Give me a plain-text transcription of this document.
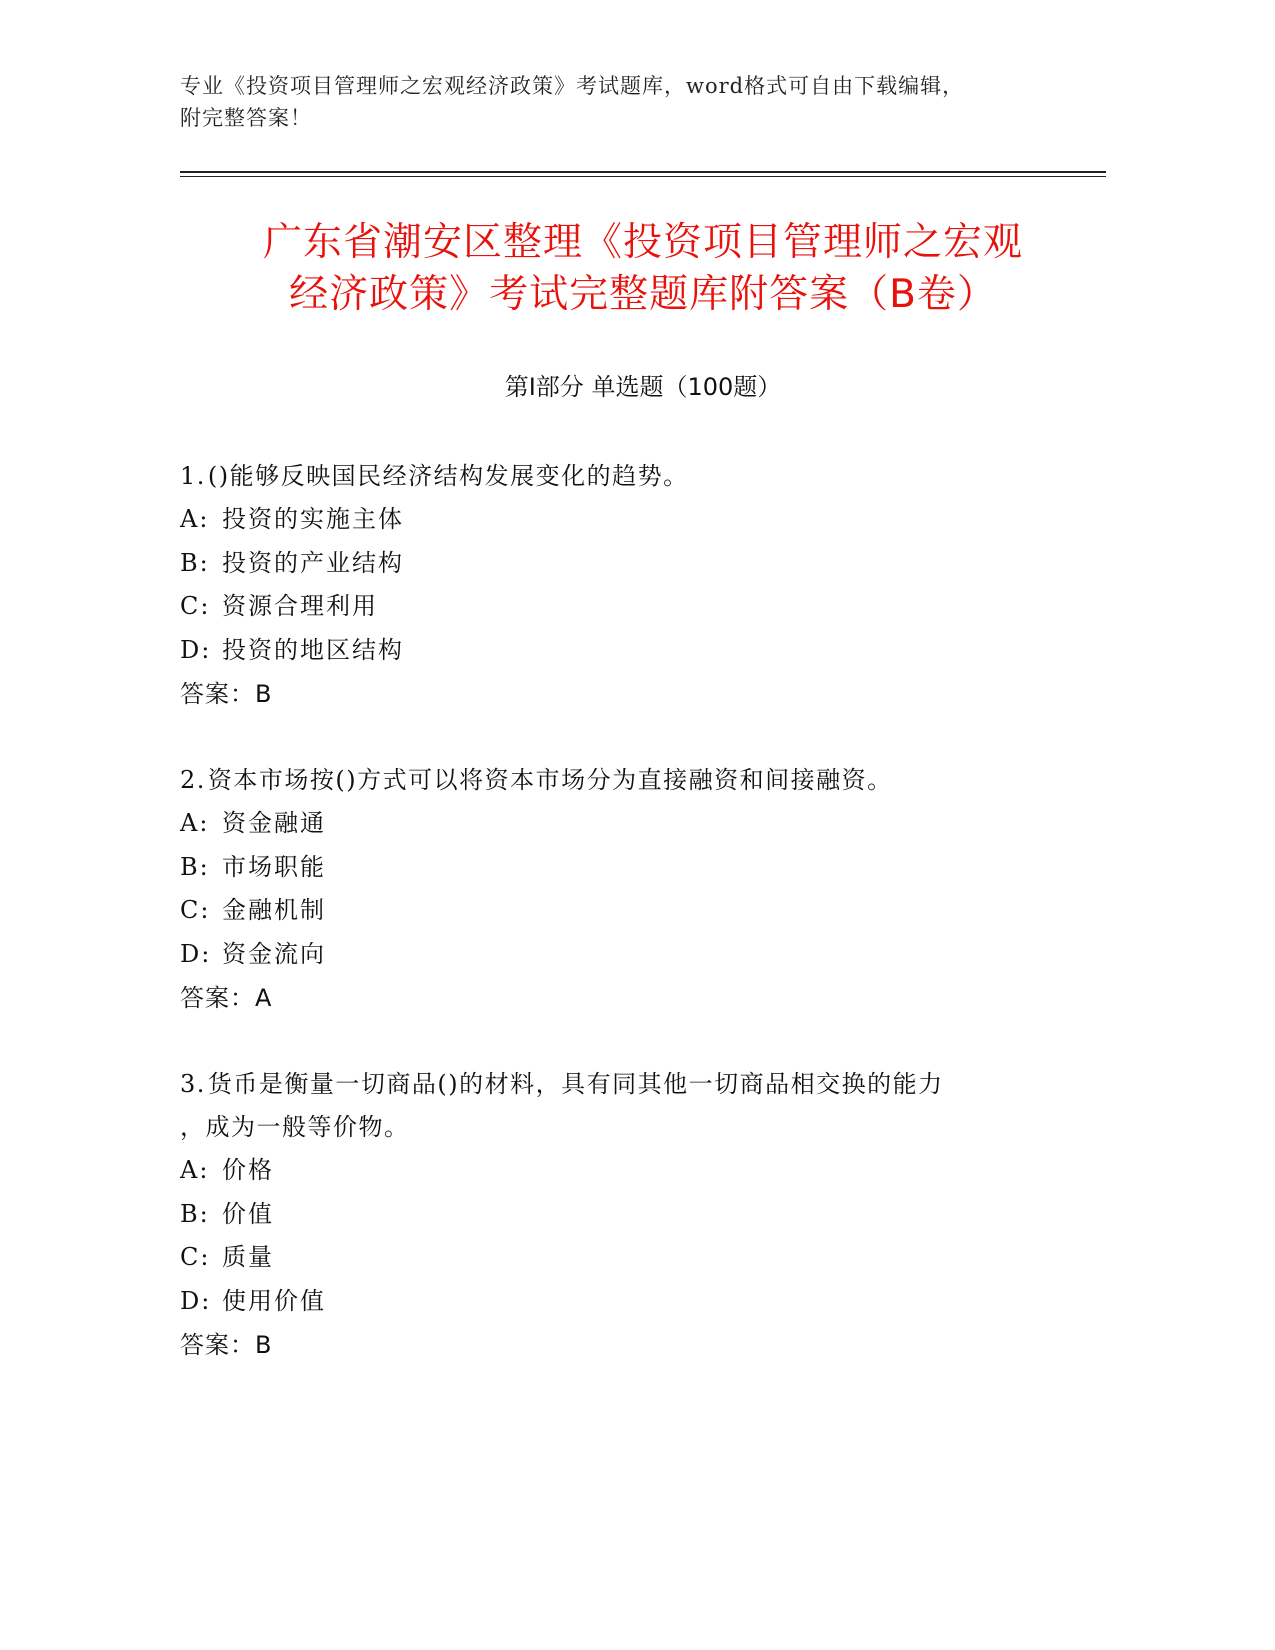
专业《投资项目管理师之宏观经济政策》考试题库，word格式可自由下载编辑，
附完整答案！
广东省潮安区整理《投资项目管理师之宏观
经济政策》考试完整题库附答案（B卷）
第Ⅰ部分 单选题（100题）
1.()能够反映国民经济结构发展变化的趋势。
A: 投资的实施主体
B: 投资的产业结构
C: 资源合理利用
D: 投资的地区结构
答案：B
2.资本市场按()方式可以将资本市场分为直接融资和间接融资。
A: 资金融通
B: 市场职能
C: 金融机制
D: 资金流向
答案：A
3.货币是衡量一切商品()的材料，具有同其他一切商品相交换的能力
，成为一般等价物。
A: 价格
B: 价值
C: 质量
D: 使用价值
答案：B
